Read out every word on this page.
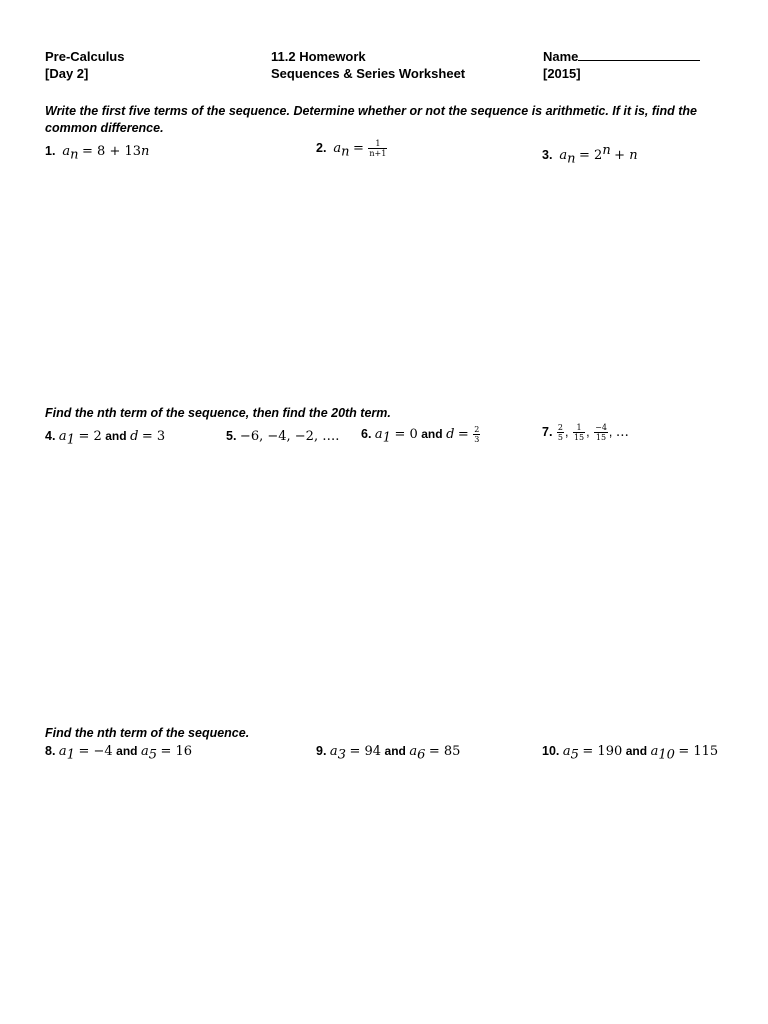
Pre-Calculus
[Day 2]
11.2 Homework
Sequences & Series Worksheet
Name
[2015]
Write the first five terms of the sequence. Determine whether or not the sequence is arithmetic. If it is, find the
common difference.
1. $a_n = 8 + 13n$	2. $a_n = \frac{1}{n+1}$	3. $a_n = 2^n + n$
Find the nth term of the sequence, then find the 20th term.
4. $a_1 = 2$ and d = 3	5. −6, −4, −2, …. 6. $a_1 = 0$ and $d = \frac{2}{3}$	7. $\frac{2}{5}$ , $\frac{1}{15}$ , $\frac{-4}{15}$ , …
Find the nth term of the sequence.
8. $a_1 = -4$ and $a_5 = 16$	9. $a_3 = 94$ and $a_6 = 85$	10. $a_5 = 190$ and $a_{10} = 115$
